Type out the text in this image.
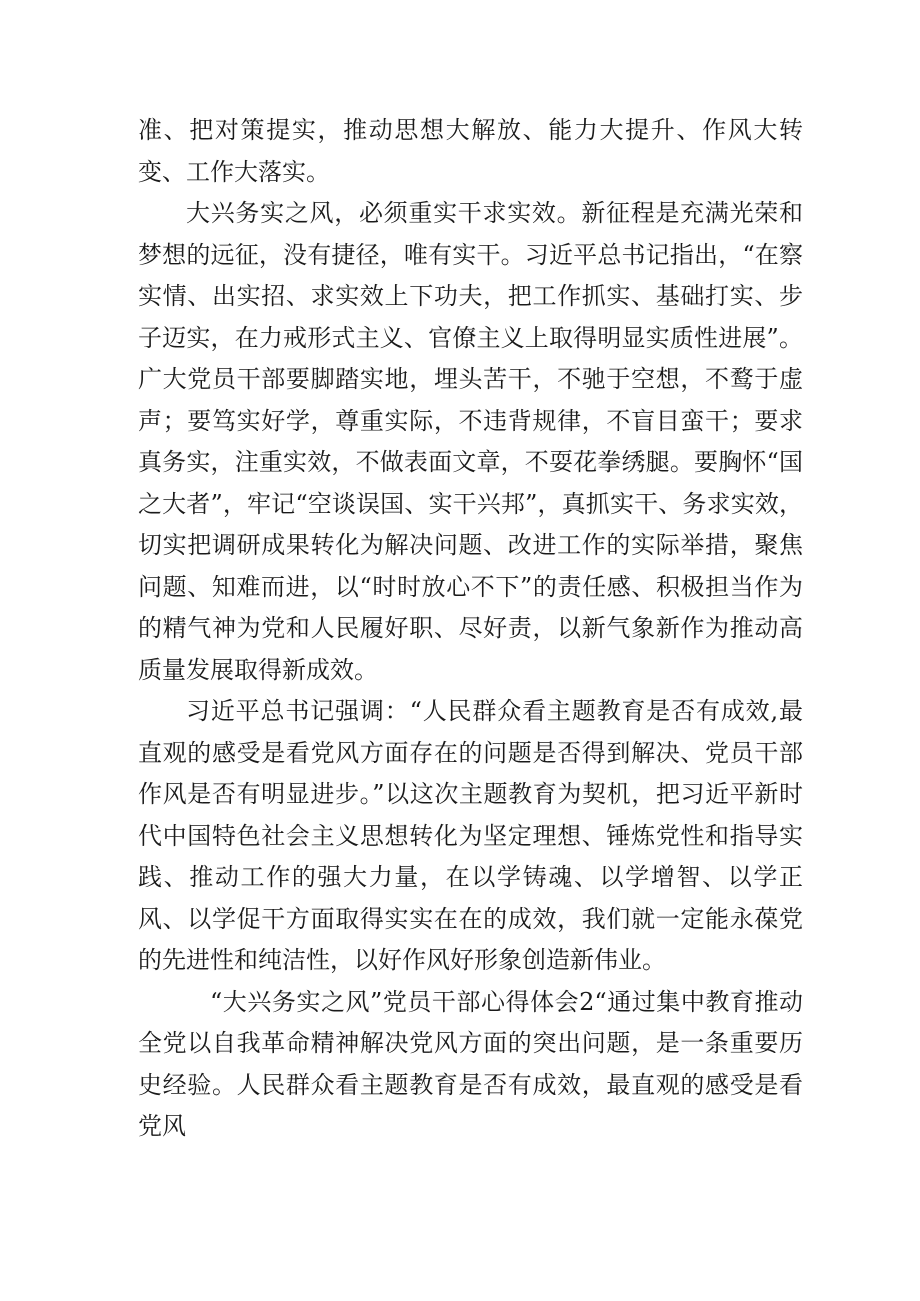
准、把对策提实，推动思想大解放、能力大提升、作风大转变、工作大落实。

大兴务实之风，必须重实干求实效。新征程是充满光荣和梦想的远征，没有捷径，唯有实干。习近平总书记指出，“在察实情、出实招、求实效上下功夫，把工作抓实、基础打实、步子迈实，在力戒形式主义、官僚主义上取得明显实质性进展”。广大党员干部要脚踏实地，埋头苦干，不驰于空想，不鹜于虚声；要笃实好学，尊重实际，不违背规律，不盲目蛮干；要求真务实，注重实效，不做表面文章，不耍花拳绣腿。要胸怀“国之大者”，牢记“空谈误国、实干兴邦”，真抓实干、务求实效，切实把调研成果转化为解决问题、改进工作的实际举措，聚焦问题、知难而进，以“时时放心不下”的责任感、积极担当作为的精气神为党和人民履好职、尽好责，以新气象新作为推动高质量发展取得新成效。

习近平总书记强调：“人民群众看主题教育是否有成效,最直观的感受是看党风方面存在的问题是否得到解决、党员干部作风是否有明显进步。”以这次主题教育为契机，把习近平新时代中国特色社会主义思想转化为坚定理想、锤炼党性和指导实践、推动工作的强大力量，在以学铸魂、以学增智、以学正风、以学促干方面取得实实在在的成效，我们就一定能永葆党的先进性和纯洁性，以好作风好形象创造新伟业。

“大兴务实之风”党员干部心得体会2“通过集中教育推动全党以自我革命精神解决党风方面的突出问题，是一条重要历史经验。人民群众看主题教育是否有成效，最直观的感受是看党风
